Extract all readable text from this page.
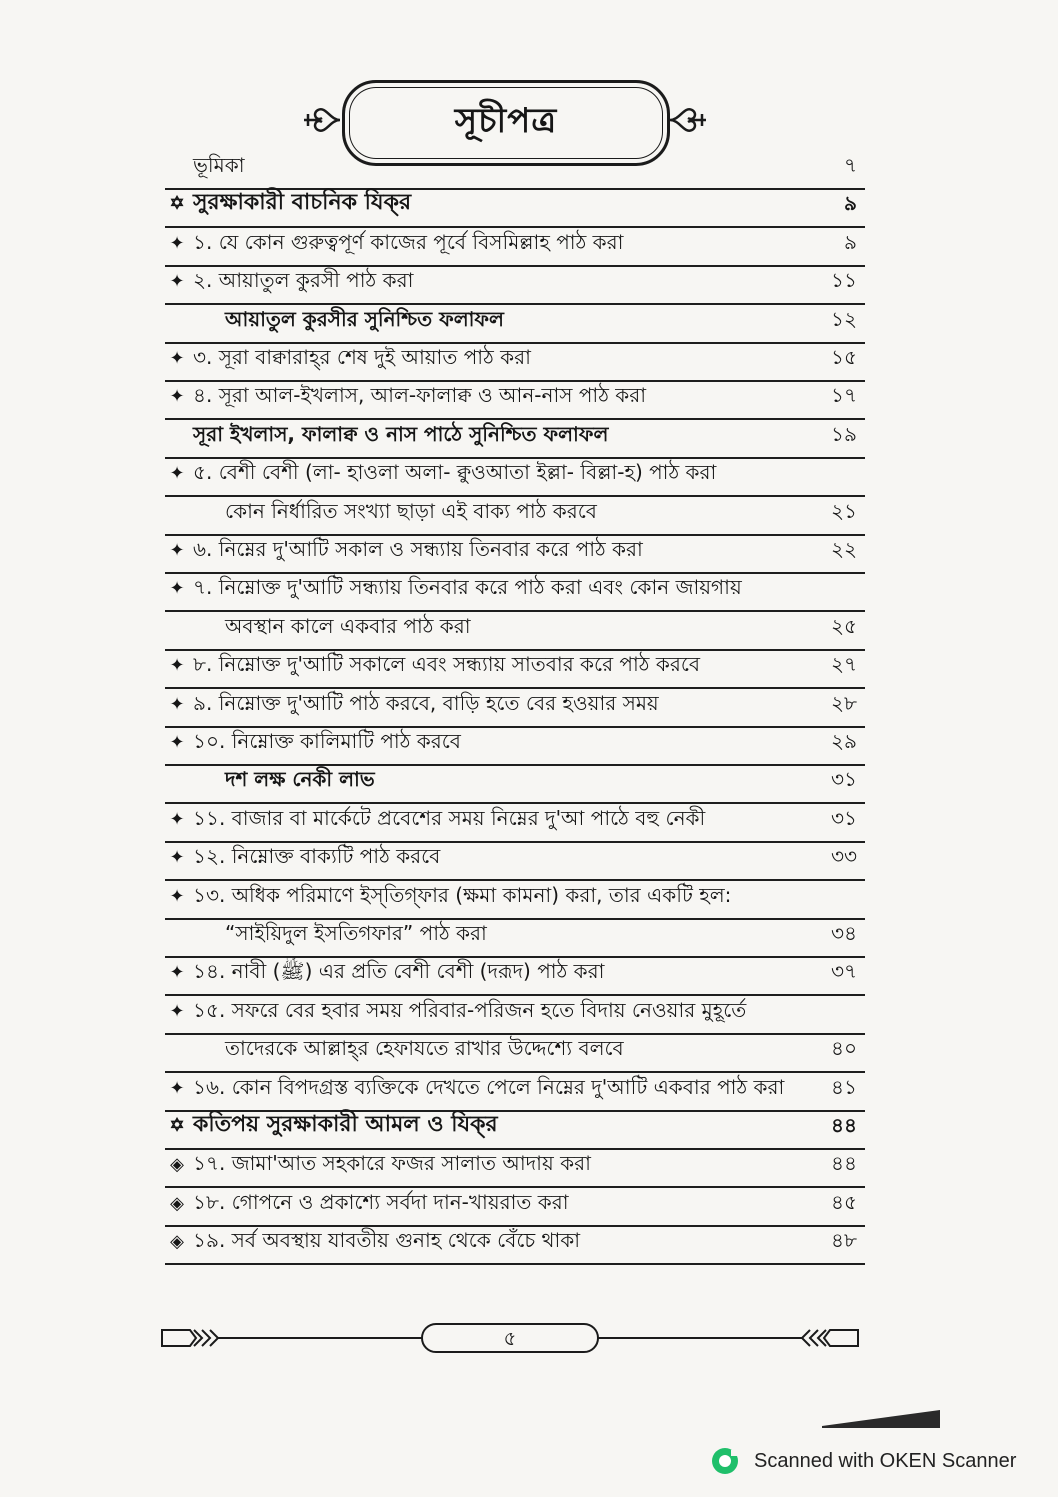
সূচীপত্র
ভূমিকা	৭
✡ সুরক্ষাকারী বাচনিক যিক্‌র	৯
✦ ১. যে কোন গুরুত্বপূর্ণ কাজের পূর্বে বিসমিল্লাহ পাঠ করা	৯
✦ ২. আয়াতুল কুরসী পাঠ করা	১১
আয়াতুল কুরসীর সুনিশ্চিত ফলাফল	১২
✦ ৩. সূরা বাক্বারাহ্‌র শেষ দুই আয়াত পাঠ করা	১৫
✦ ৪. সূরা আল-ইখলাস, আল-ফালাক্ব ও আন-নাস পাঠ করা	১৭
সূরা ইখলাস, ফালাক্ব ও নাস পাঠে সুনিশ্চিত ফলাফল	১৯
✦ ৫. বেশী বেশী (লা- হাওলা অলা- ক্বুওআতা ইল্লা- বিল্লা-হ) পাঠ করা
কোন নির্ধারিত সংখ্যা ছাড়া এই বাক্য পাঠ করবে	২১
✦ ৬. নিম্নের দু'আটি সকাল ও সন্ধ্যায় তিনবার করে পাঠ করা	২২
✦ ৭. নিম্নোক্ত দু'আটি সন্ধ্যায় তিনবার করে পাঠ করা এবং কোন জায়গায়
অবস্থান কালে একবার পাঠ করা	২৫
✦ ৮. নিম্নোক্ত দু'আটি সকালে এবং সন্ধ্যায় সাতবার করে পাঠ করবে	২৭
✦ ৯. নিম্নোক্ত দু'আটি পাঠ করবে, বাড়ি হতে বের হওয়ার সময়	২৮
✦ ১০. নিম্নোক্ত কালিমাটি পাঠ করবে	২৯
দশ লক্ষ নেকী লাভ	৩১
✦ ১১. বাজার বা মার্কেটে প্রবেশের সময় নিম্নের দু'আ পাঠে বহু নেকী	৩১
✦ ১২. নিম্নোক্ত বাক্যটি পাঠ করবে	৩৩
✦ ১৩. অধিক পরিমাণে ইস্‌তিগ্‌ফার (ক্ষমা কামনা) করা, তার একটি হল:
“সাইয়িদুল ইসতিগফার” পাঠ করা	৩৪
✦ ১৪. নাবী (ﷺ) এর প্রতি বেশী বেশী (দরূদ) পাঠ করা	৩৭
✦ ১৫. সফরে বের হবার সময় পরিবার-পরিজন হতে বিদায় নেওয়ার মুহূর্তে
তাদেরকে আল্লাহ্‌র হেফাযতে রাখার উদ্দেশ্যে বলবে	৪০
✦ ১৬. কোন বিপদগ্রস্ত ব্যক্তিকে দেখতে পেলে নিম্নের দু'আটি একবার পাঠ করা ৪১
✡ কতিপয় সুরক্ষাকারী আমল ও যিক্‌র	৪৪
◈ ১৭. জামা'আত সহকারে ফজর সালাত আদায় করা	৪৪
◈ ১৮. গোপনে ও প্রকাশ্যে সর্বদা দান-খায়রাত করা	৪৫
◈ ১৯. সর্ব অবস্থায় যাবতীয় গুনাহ থেকে বেঁচে থাকা	৪৮
৫
Scanned with OKEN Scanner
